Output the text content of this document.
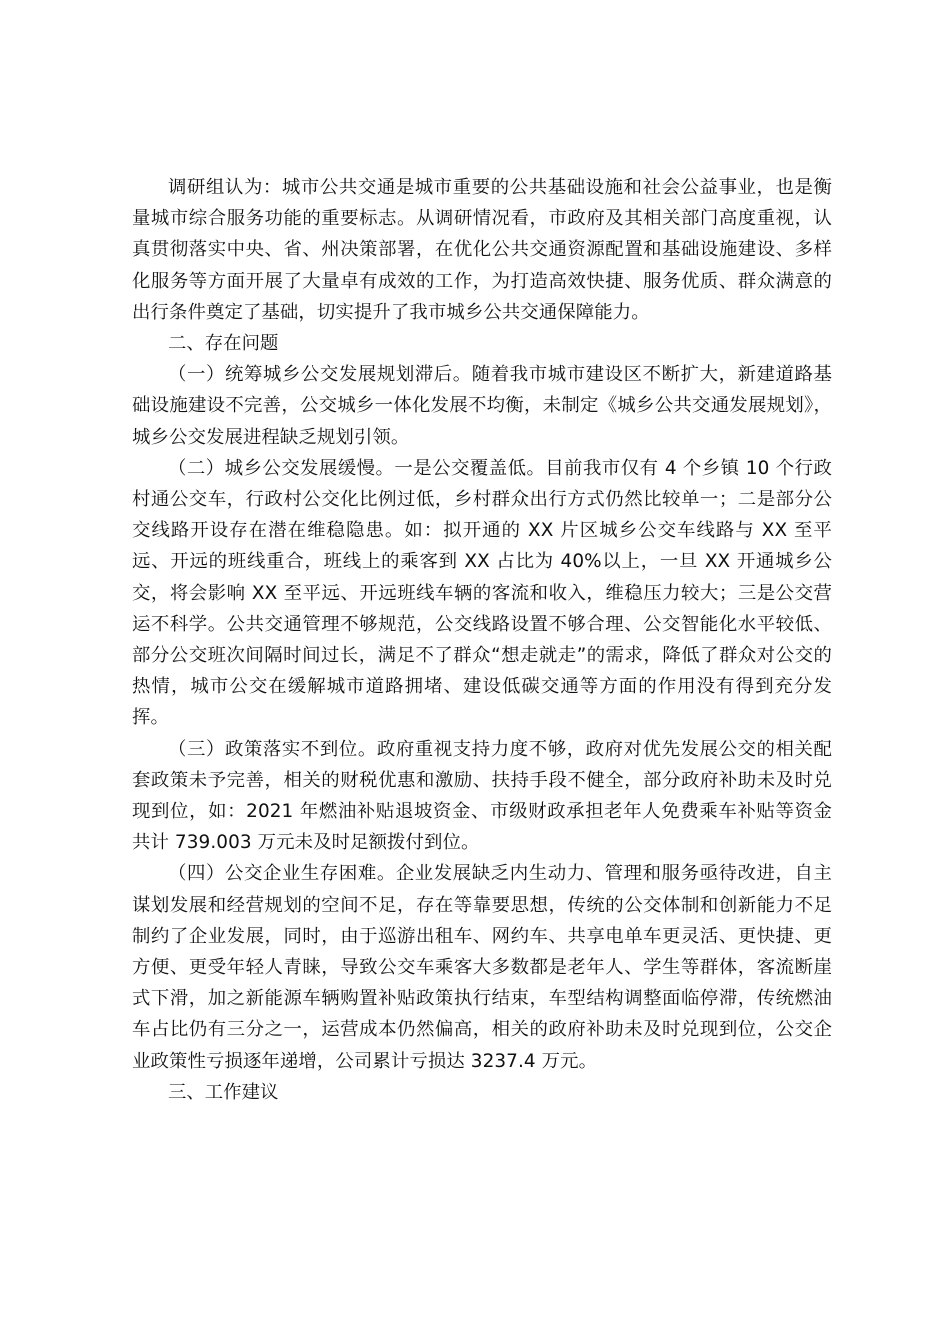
调研组认为：城市公共交通是城市重要的公共基础设施和社会公益事业，也是衡量城市综合服务功能的重要标志。从调研情况看，市政府及其相关部门高度重视，认真贯彻落实中央、省、州决策部署，在优化公共交通资源配置和基础设施建设、多样化服务等方面开展了大量卓有成效的工作，为打造高效快捷、服务优质、群众满意的出行条件奠定了基础，切实提升了我市城乡公共交通保障能力。

二、存在问题

（一）统筹城乡公交发展规划滞后。随着我市城市建设区不断扩大，新建道路基础设施建设不完善，公交城乡一体化发展不均衡，未制定《城乡公共交通发展规划》，城乡公交发展进程缺乏规划引领。

（二）城乡公交发展缓慢。一是公交覆盖低。目前我市仅有 4 个乡镇 10 个行政村通公交车，行政村公交化比例过低，乡村群众出行方式仍然比较单一；二是部分公交线路开设存在潜在维稳隐患。如：拟开通的 XX 片区城乡公交车线路与 XX 至平远、开远的班线重合，班线上的乘客到 XX 占比为 40%以上，一旦 XX 开通城乡公交，将会影响 XX 至平远、开远班线车辆的客流和收入，维稳压力较大；三是公交营运不科学。公共交通管理不够规范，公交线路设置不够合理、公交智能化水平较低、部分公交班次间隔时间过长，满足不了群众“想走就走”的需求，降低了群众对公交的热情，城市公交在缓解城市道路拥堵、建设低碳交通等方面的作用没有得到充分发挥。

（三）政策落实不到位。政府重视支持力度不够，政府对优先发展公交的相关配套政策未予完善，相关的财税优惠和激励、扶持手段不健全，部分政府补助未及时兑现到位，如：2021 年燃油补贴退坡资金、市级财政承担老年人免费乘车补贴等资金共计 739.003 万元未及时足额拨付到位。

（四）公交企业生存困难。企业发展缺乏内生动力、管理和服务亟待改进，自主谋划发展和经营规划的空间不足，存在等靠要思想，传统的公交体制和创新能力不足制约了企业发展，同时，由于巡游出租车、网约车、共享电单车更灵活、更快捷、更方便、更受年轻人青睐，导致公交车乘客大多数都是老年人、学生等群体，客流断崖式下滑，加之新能源车辆购置补贴政策执行结束，车型结构调整面临停滞，传统燃油车占比仍有三分之一，运营成本仍然偏高，相关的政府补助未及时兑现到位，公交企业政策性亏损逐年递增，公司累计亏损达 3237.4 万元。

三、工作建议
